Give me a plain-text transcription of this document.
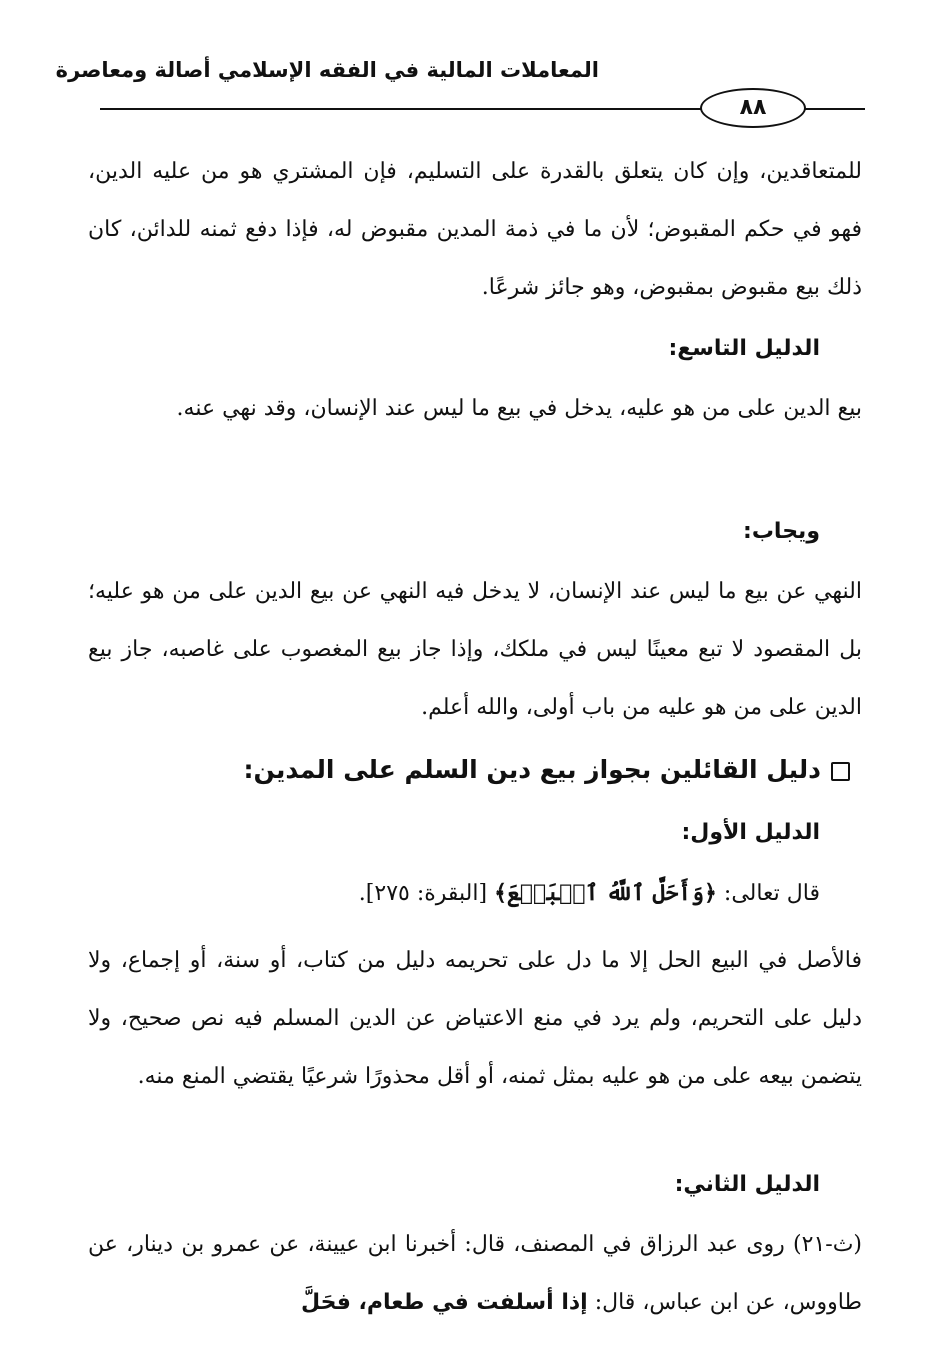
المعاملات المالية في الفقه الإسلامي أصالة ومعاصرة
٨٨
للمتعاقدين، وإن كان يتعلق بالقدرة على التسليم، فإن المشتري هو من عليه الدين، فهو في حكم المقبوض؛ لأن ما في ذمة المدين مقبوض له، فإذا دفع ثمنه للدائن، كان ذلك بيع مقبوض بمقبوض، وهو جائز شرعًا.
الدليل التاسع:
بيع الدين على من هو عليه، يدخل في بيع ما ليس عند الإنسان، وقد نهي عنه.
ويجاب:
النهي عن بيع ما ليس عند الإنسان، لا يدخل فيه النهي عن بيع الدين على من هو عليه؛ بل المقصود لا تبع معينًا ليس في ملكك، وإذا جاز بيع المغصوب على غاصبه، جاز بيع الدين على من هو عليه من باب أولى، والله أعلم.
دليل القائلين بجواز بيع دين السلم على المدين:
الدليل الأول:
قال تعالى: ﴿وَأَحَلَّ ٱللَّهُ ٱلۡبَيۡعَ﴾ [البقرة: ٢٧٥].
فالأصل في البيع الحل إلا ما دل على تحريمه دليل من كتاب، أو سنة، أو إجماع، ولا دليل على التحريم، ولم يرد في منع الاعتياض عن الدين المسلم فيه نص صحيح، ولا يتضمن بيعه على من هو عليه بمثل ثمنه، أو أقل محذورًا شرعيًا يقتضي المنع منه.
الدليل الثاني:
(ث-٢١) روى عبد الرزاق في المصنف، قال: أخبرنا ابن عيينة، عن عمرو بن دينار، عن طاووس، عن ابن عباس، قال: إذا أسلفت في طعام، فحَلَّ
